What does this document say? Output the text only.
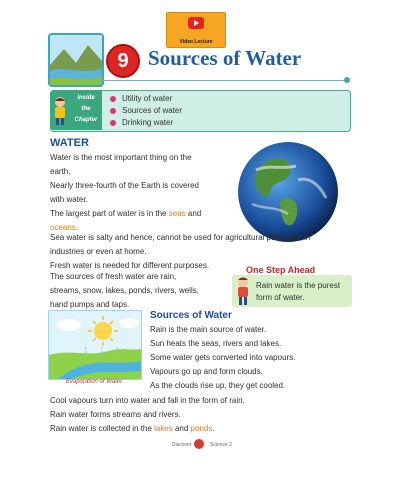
Video Lecture
9 Sources of Water
Inside
the
Chapter
Utility of water
Sources of water
Drinking water
WATER
Water is the most important thing on the
earth.
Nearly three-fourth of the Earth is covered
with water.
The largest part of water is in the seas and
oceans.
Sea water is salty and hence, cannot be used for agricultural purposes, in
industries or even at home.
Fresh water is needed for different purposes.
The sources of fresh water are rain,
streams, snow, lakes, ponds, rivers, wells,
hand pumps and taps.
One Step Ahead
Rain water is the purest
form of water.
Evaporation of Water
Sources of Water
Rain is the main source of water.
Sun heats the seas, rivers and lakes.
Some water gets converted into vapours.
Vapours go up and form clouds.
As the clouds rise up, they get cooled.
Cool vapours turn into water and fall in the form of rain.
Rain water forms streams and rivers.
Rain water is collected in the lakes and ponds.
Discover	Science 2
